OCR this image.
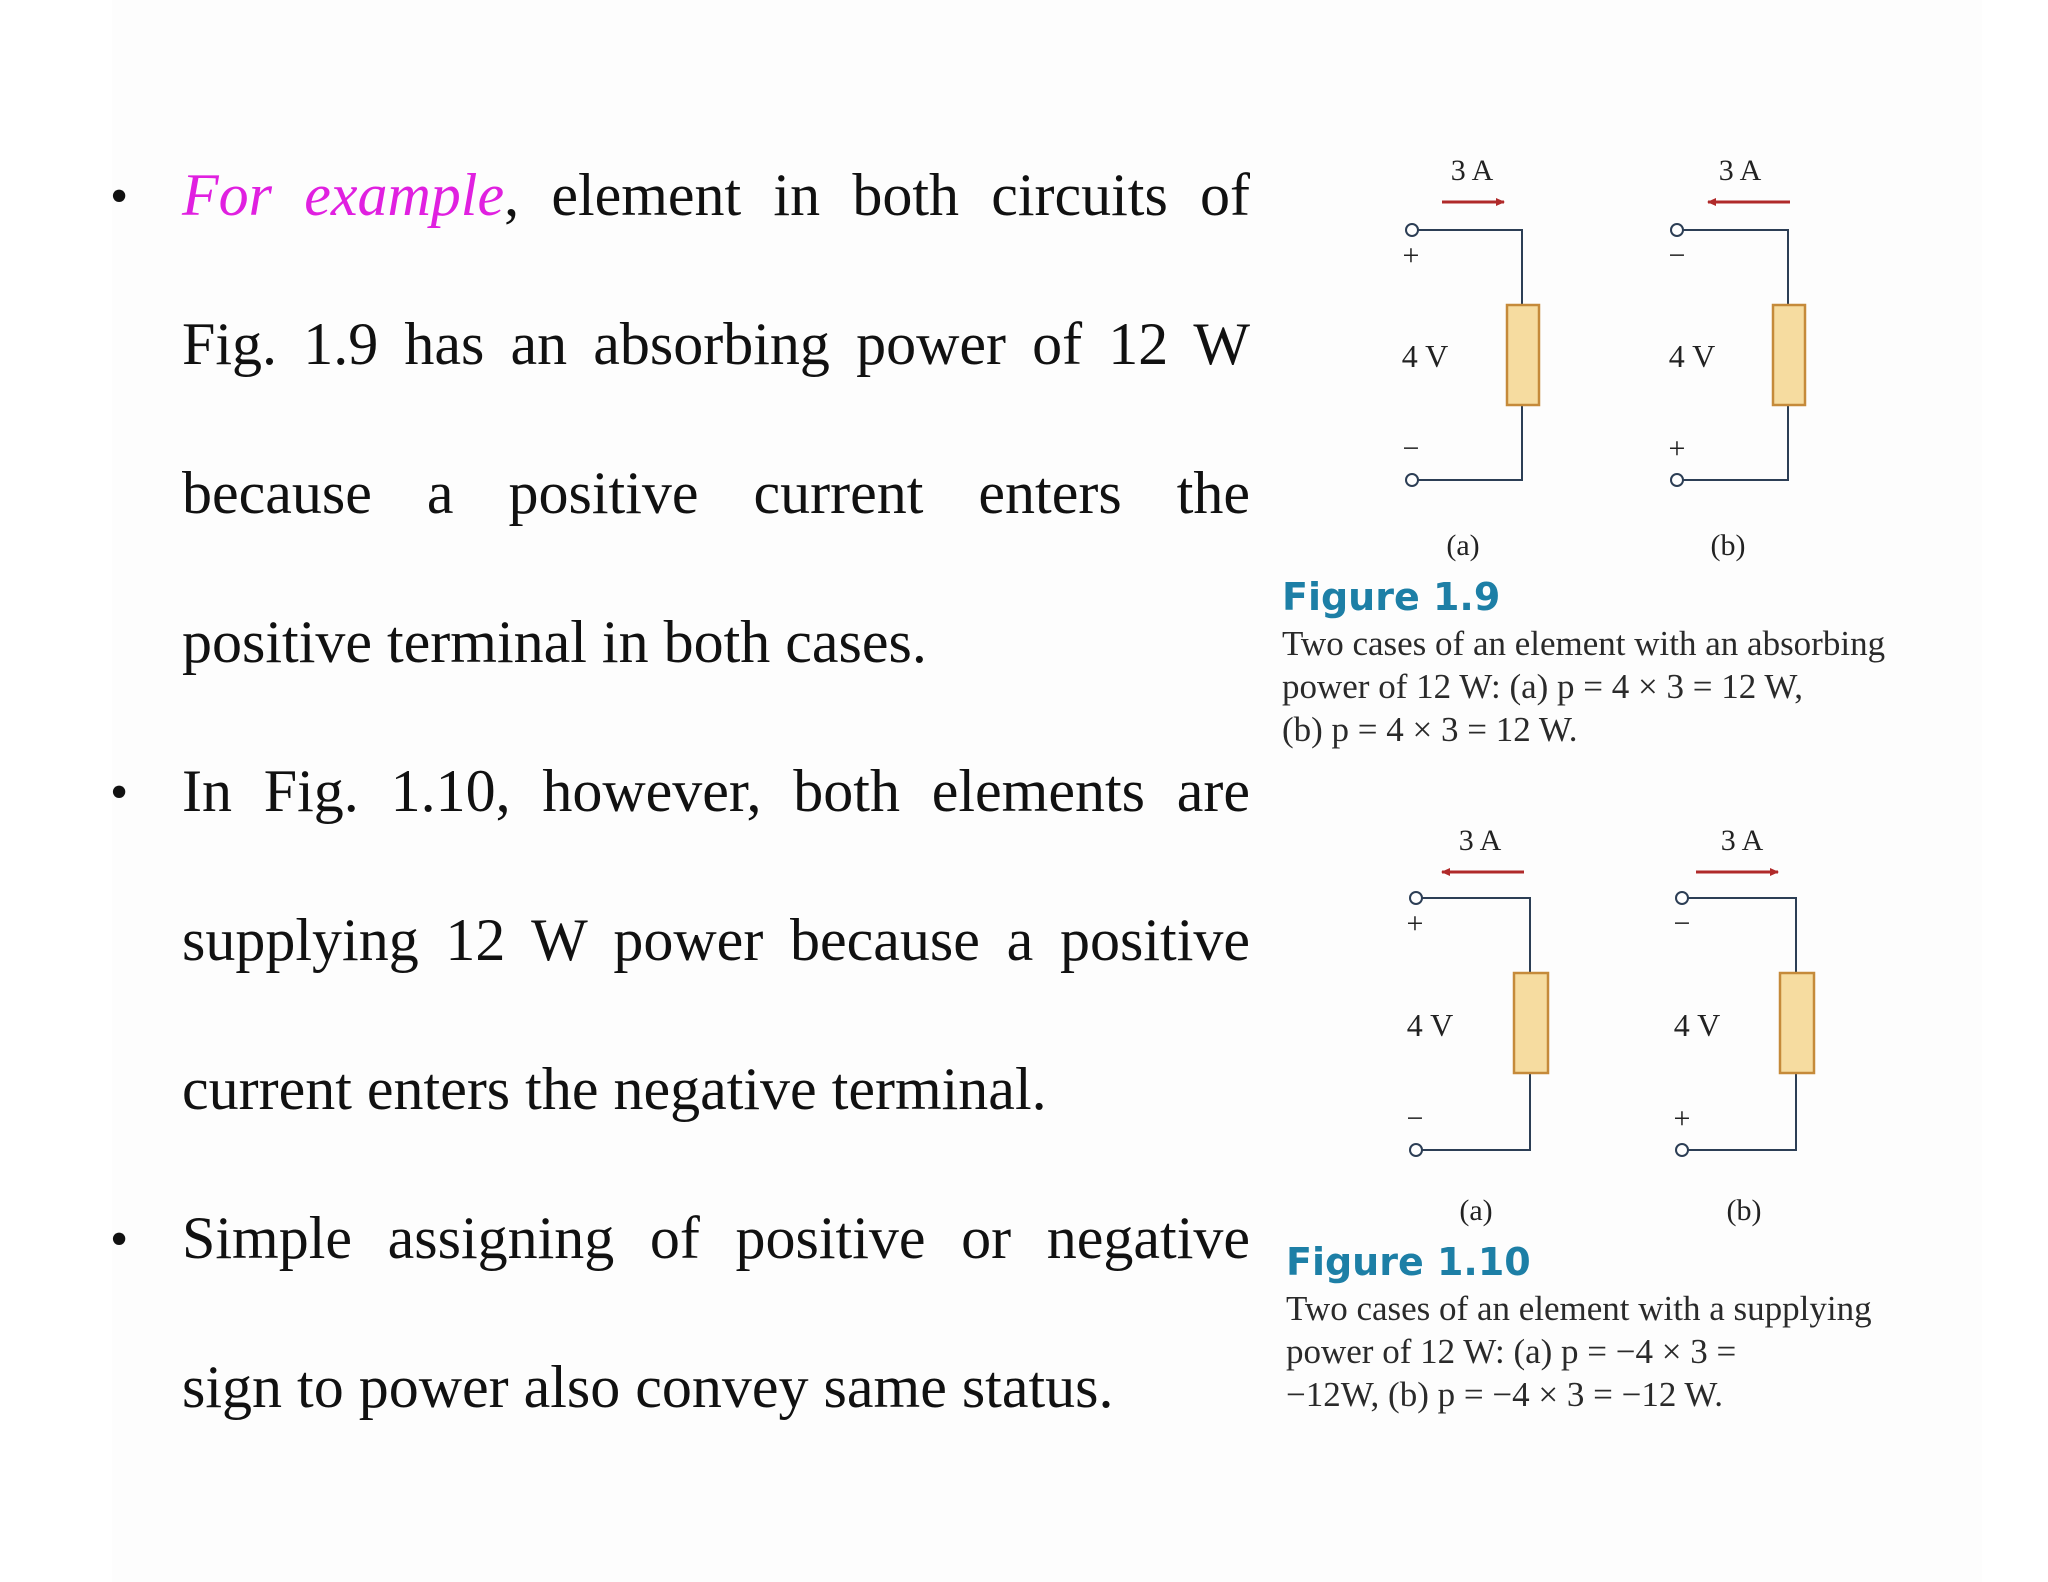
• For example, element in both circuits of
Fig. 1.9 has an absorbing power of 12 W
because a positive current enters the
positive terminal in both cases.
• In Fig. 1.10, however, both elements are
supplying 12 W power because a positive
current enters the negative terminal.
• Simple assigning of positive or negative
sign to power also convey same status.
3 A
+
4 V
−
(a)
3 A
−
4 V
+
(b)
Figure 1.9
Two cases of an element with an absorbing
power of 12 W: (a) p = 4 × 3 = 12 W,
(b) p = 4 × 3 = 12 W.
3 A
+
4 V
−
(a)
3 A
−
4 V
+
(b)
Figure 1.10
Two cases of an element with a supplying
power of 12 W: (a) p = −4 × 3 =
−12W, (b) p = −4 × 3 = −12 W.
